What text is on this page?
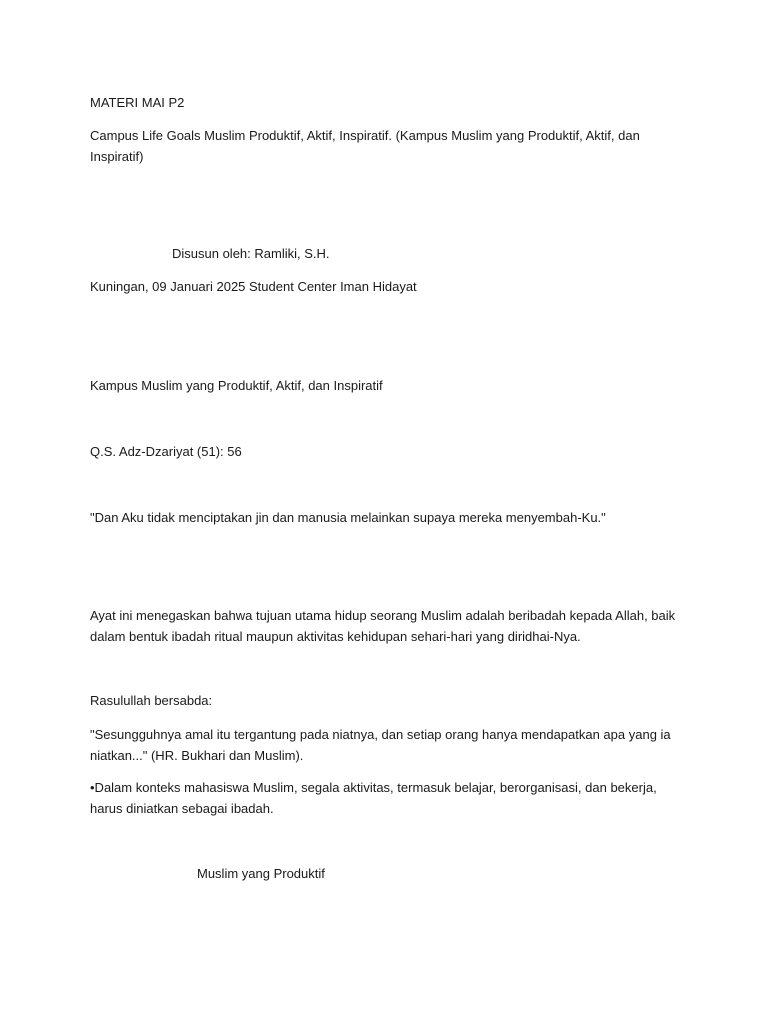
MATERI MAI P2
Campus Life Goals Muslim Produktif, Aktif, Inspiratif. (Kampus Muslim yang Produktif, Aktif, dan Inspiratif)
Disusun oleh: Ramliki, S.H.
Kuningan, 09 Januari 2025 Student Center Iman Hidayat
Kampus Muslim yang Produktif, Aktif, dan Inspiratif
Q.S. Adz-Dzariyat (51): 56
"Dan Aku tidak menciptakan jin dan manusia melainkan supaya mereka menyembah-Ku."
Ayat ini menegaskan bahwa tujuan utama hidup seorang Muslim adalah beribadah kepada Allah, baik dalam bentuk ibadah ritual maupun aktivitas kehidupan sehari-hari yang diridhai-Nya.
Rasulullah bersabda:
"Sesungguhnya amal itu tergantung pada niatnya, dan setiap orang hanya mendapatkan apa yang ia niatkan..." (HR. Bukhari dan Muslim).
•Dalam konteks mahasiswa Muslim, segala aktivitas, termasuk belajar, berorganisasi, dan bekerja, harus diniatkan sebagai ibadah.
Muslim yang Produktif
